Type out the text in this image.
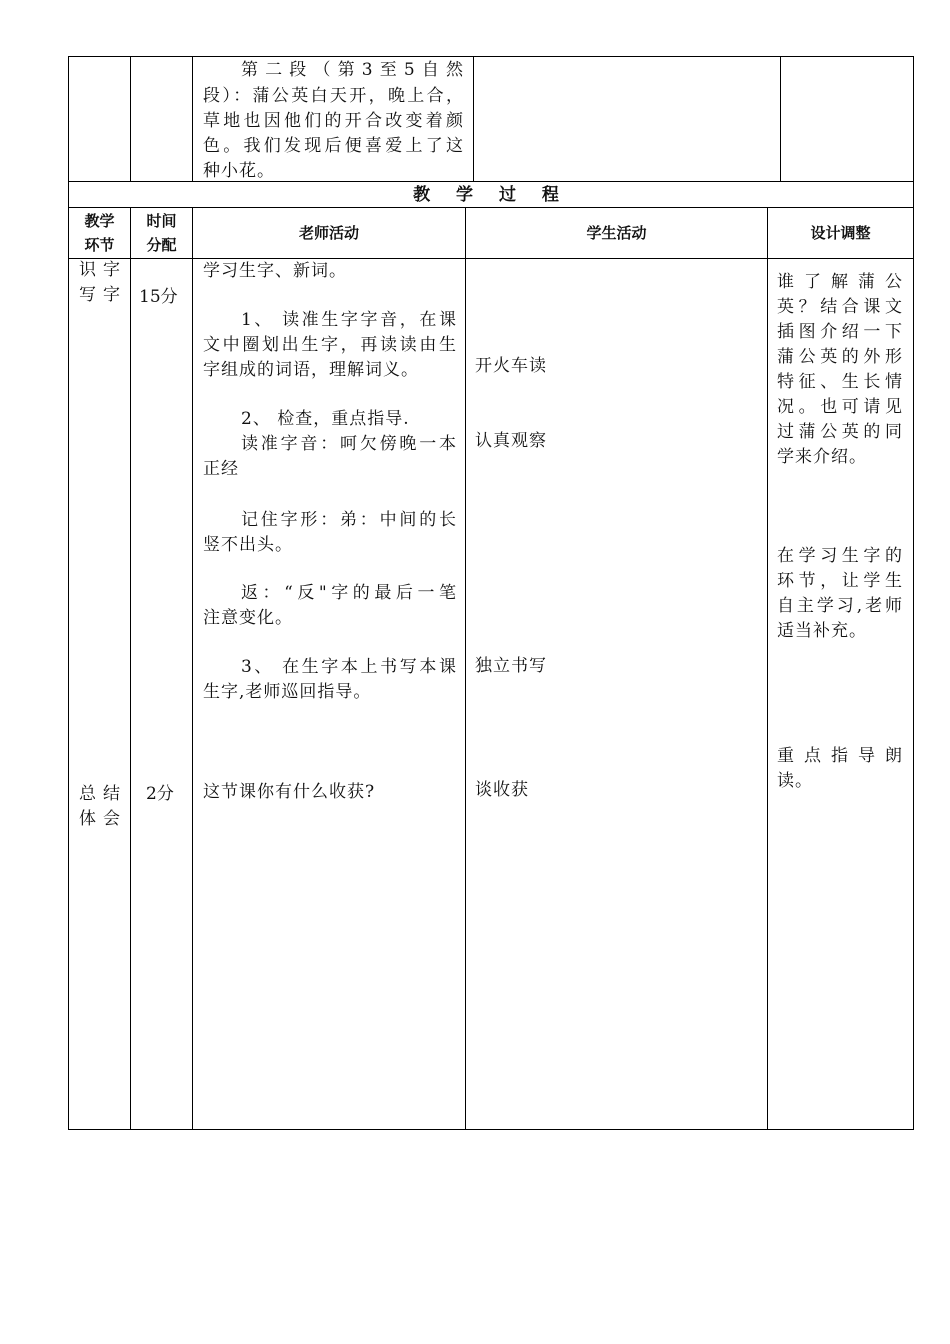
第二段（第3至5自然
段）：蒲公英白天开，晚上合，
草地也因他们的开合改变着颜
色。我们发现后便喜爱上了这
种小花。
教 学 过 程
教学
环节
时间
分配
老师活动	学生活动	设计调整
识字
写字
总结
体会
15分
2分
学习生字、新词。
1、 读准生字字音，在课
文中圈划出生字，再读读由生
字组成的词语，理解词义。
2、 检查，重点指导.
读准字音：呵欠傍晚一本
正经
记住字形：弟：中间的长
竖不出头。
返：“反"字的最后一笔
注意变化。
3、 在生字本上书写本课
生字,老师巡回指导。
这节课你有什么收获?
开火车读
认真观察
独立书写
谈收获
谁了解蒲公
英？结合课文
插图介绍一下
蒲公英的外形
特征、生长情
况。也可请见
过蒲公英的同
学来介绍。
在学习生字的
环节，让学生
自主学习,老师
适当补充。
重点指导朗
读。
